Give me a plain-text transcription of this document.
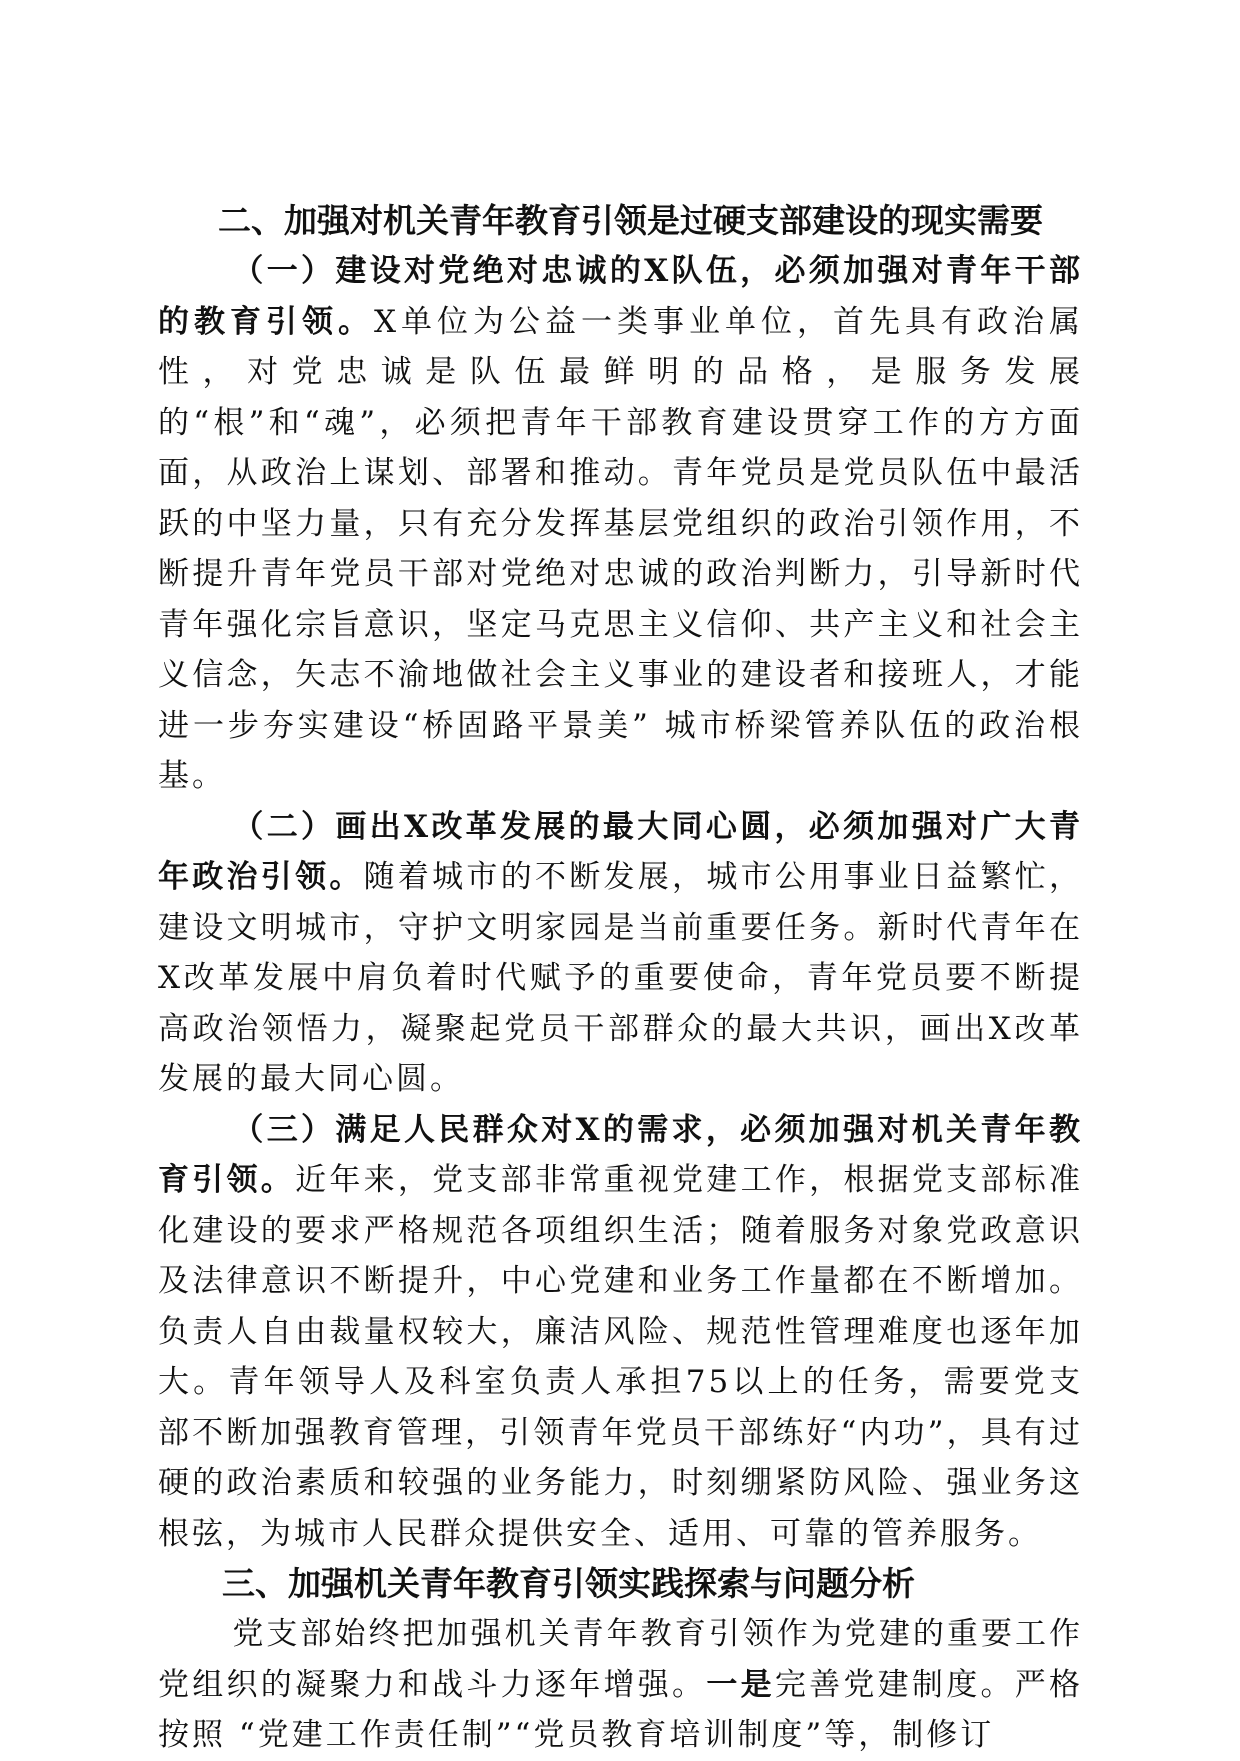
二、加强对机关青年教育引领是过硬支部建设的现实需要

（一）建设对党绝对忠诚的X队伍，必须加强对青年干部的教育引领。X单位为公益一类事业单位，首先具有政治属性，对党忠诚是队伍最鲜明的品格，是服务发展的“根”和“魂”，必须把青年干部教育建设贯穿工作的方方面面，从政治上谋划、部署和推动。青年党员是党员队伍中最活跃的中坚力量，只有充分发挥基层党组织的政治引领作用，不断提升青年党员干部对党绝对忠诚的政治判断力，引导新时代青年强化宗旨意识，坚定马克思主义信仰、共产主义和社会主义信念，矢志不渝地做社会主义事业的建设者和接班人，才能进一步夯实建设“桥固路平景美” 城市桥梁管养队伍的政治根基。

（二）画出X改革发展的最大同心圆，必须加强对广大青年政治引领。随着城市的不断发展，城市公用事业日益繁忙，建设文明城市，守护文明家园是当前重要任务。新时代青年在X改革发展中肩负着时代赋予的重要使命，青年党员要不断提高政治领悟力，凝聚起党员干部群众的最大共识，画出X改革发展的最大同心圆。

（三）满足人民群众对X的需求，必须加强对机关青年教育引领。近年来，党支部非常重视党建工作，根据党支部标准化建设的要求严格规范各项组织生活；随着服务对象党政意识及法律意识不断提升，中心党建和业务工作量都在不断增加。负责人自由裁量权较大，廉洁风险、规范性管理难度也逐年加大。青年领导人及科室负责人承担75以上的任务，需要党支部不断加强教育管理，引领青年党员干部练好“内功”，具有过硬的政治素质和较强的业务能力，时刻绷紧防风险、强业务这根弦，为城市人民群众提供安全、适用、可靠的管养服务。

三、加强机关青年教育引领实践探索与问题分析

党支部始终把加强机关青年教育引领作为党建的重要工作党组织的凝聚力和战斗力逐年增强。一是完善党建制度。严格按照 “党建工作责任制”“党员教育培训制度”等，制修订
